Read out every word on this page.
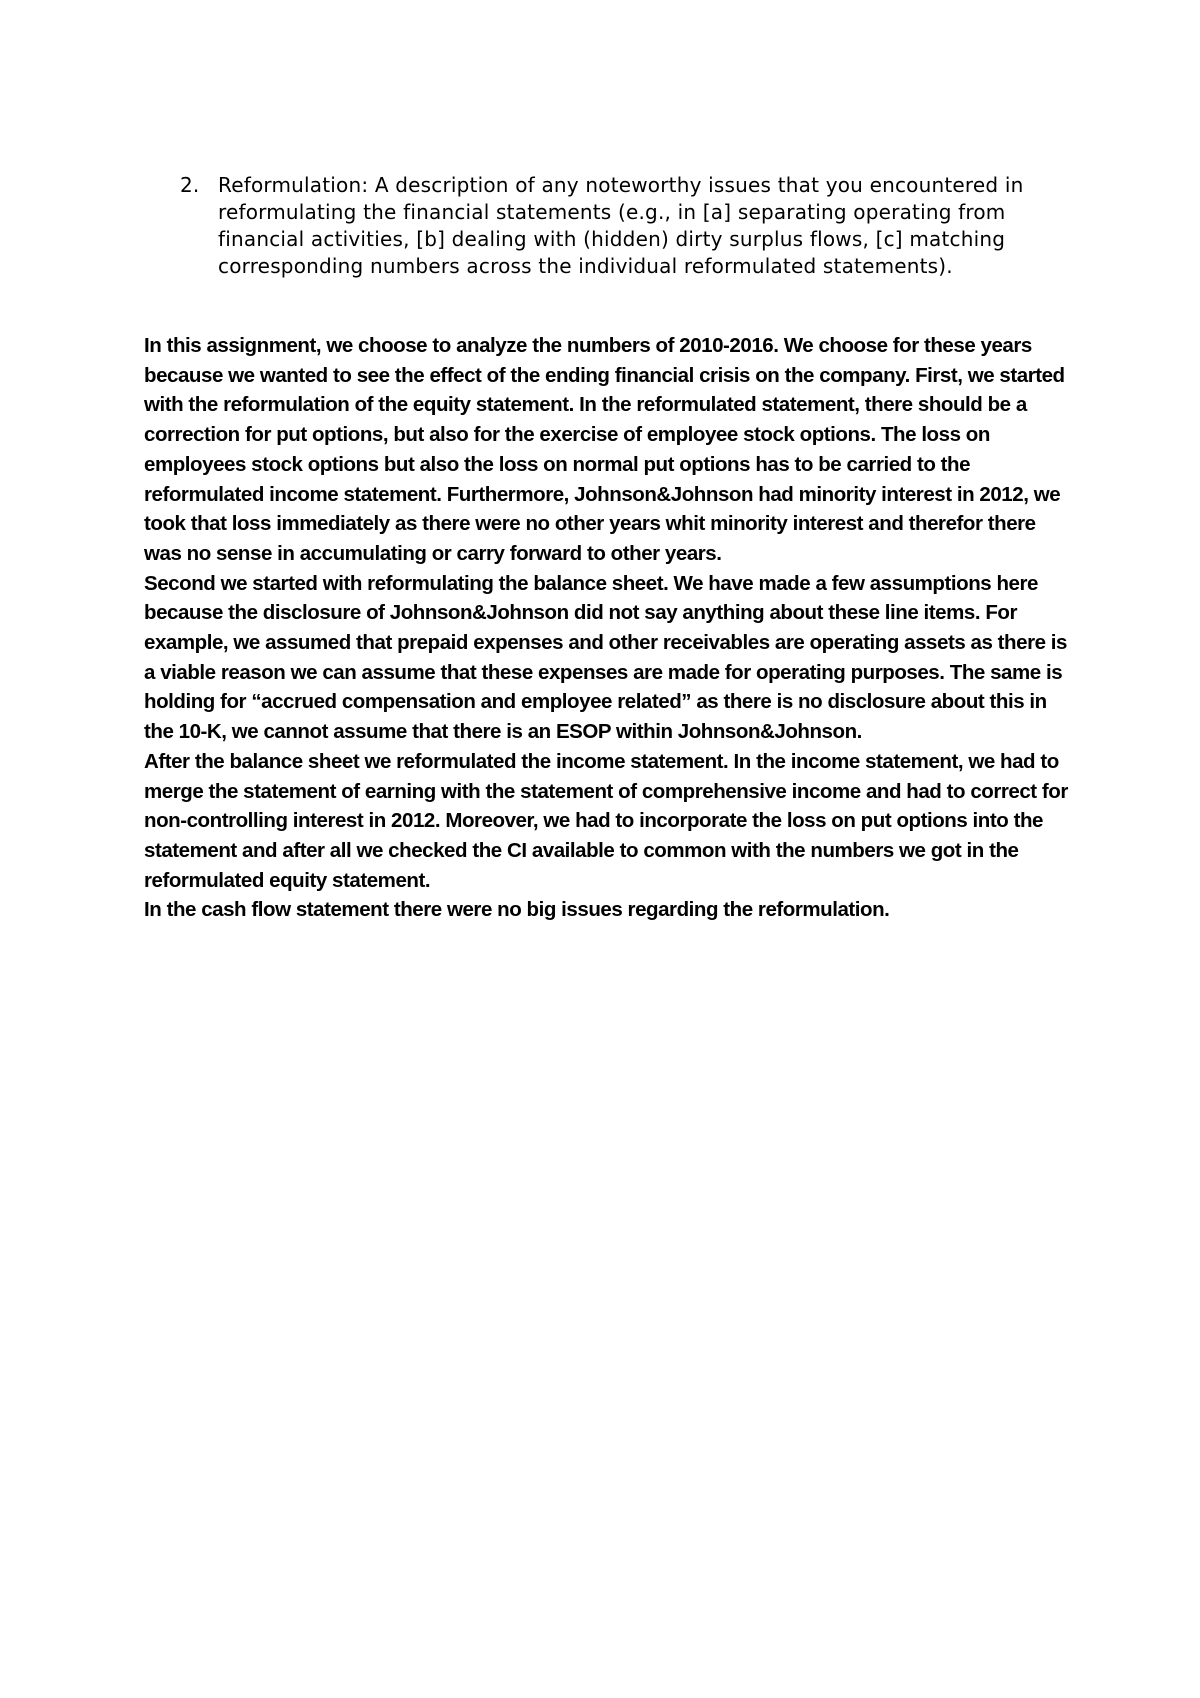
2. Reformulation: A description of any noteworthy issues that you encountered in reformulating the financial statements (e.g., in [a] separating operating from financial activities, [b] dealing with (hidden) dirty surplus flows, [c] matching corresponding numbers across the individual reformulated statements).

In this assignment, we choose to analyze the numbers of 2010-2016. We choose for these years because we wanted to see the effect of the ending financial crisis on the company. First, we started with the reformulation of the equity statement. In the reformulated statement, there should be a correction for put options, but also for the exercise of employee stock options. The loss on employees stock options but also the loss on normal put options has to be carried to the reformulated income statement. Furthermore, Johnson&Johnson had minority interest in 2012, we took that loss immediately as there were no other years whit minority interest and therefor there was no sense in accumulating or carry forward to other years.

Second we started with reformulating the balance sheet. We have made a few assumptions here because the disclosure of Johnson&Johnson did not say anything about these line items. For example, we assumed that prepaid expenses and other receivables are operating assets as there is a viable reason we can assume that these expenses are made for operating purposes. The same is holding for “accrued compensation and employee related” as there is no disclosure about this in the 10-K, we cannot assume that there is an ESOP within Johnson&Johnson.

After the balance sheet we reformulated the income statement. In the income statement, we had to merge the statement of earning with the statement of comprehensive income and had to correct for non-controlling interest in 2012. Moreover, we had to incorporate the loss on put options into the statement and after all we checked the CI available to common with the numbers we got in the reformulated equity statement.

In the cash flow statement there were no big issues regarding the reformulation.
